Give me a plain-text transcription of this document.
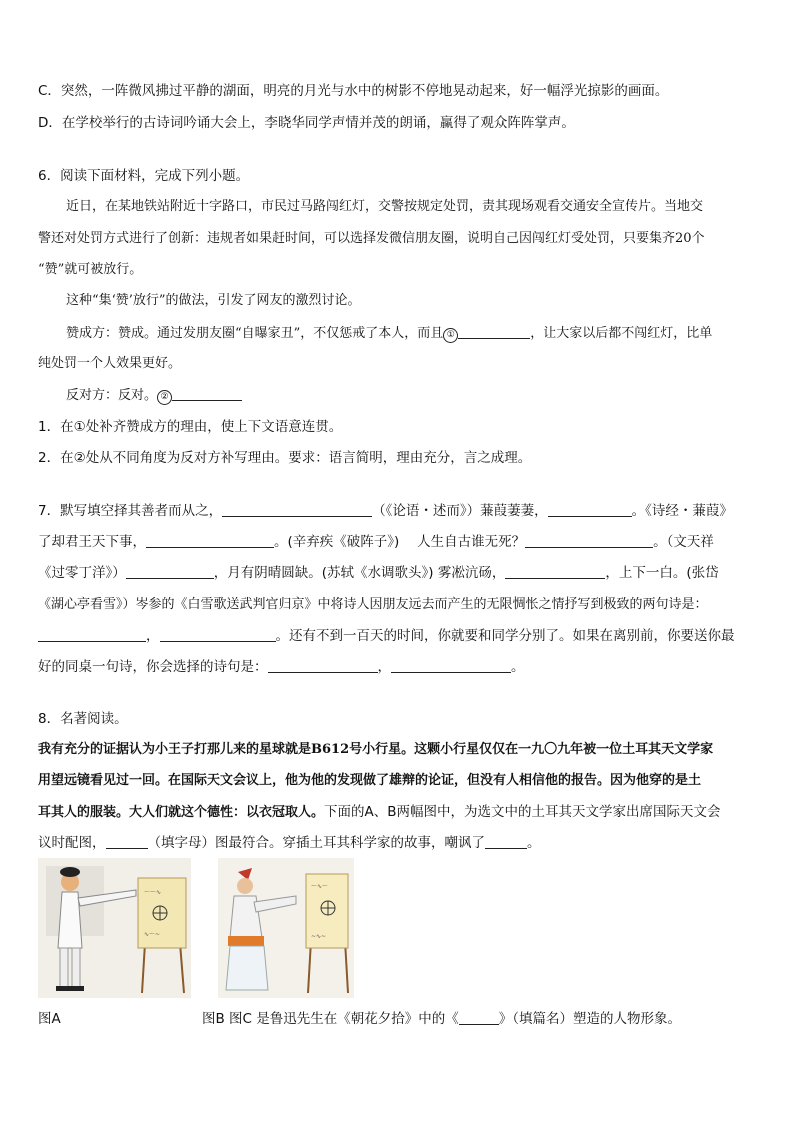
C．突然，一阵微风拂过平静的湖面，明亮的月光与水中的树影不停地晃动起来，好一幅浮光掠影的画面。
D．在学校举行的古诗词吟诵大会上，李晓华同学声情并茂的朗诵，赢得了观众阵阵掌声。
6．阅读下面材料，完成下列小题。
近日，在某地铁站附近十字路口，市民过马路闯红灯，交警按规定处罚，责其现场观看交通安全宣传片。当地交
警还对处罚方式进行了创新：违规者如果赶时间，可以选择发微信朋友圈，说明自己因闯红灯受处罚，只要集齐20个
“赞”就可被放行。
这种“集‘赞’放行”的做法，引发了网友的激烈讨论。
赞成方：赞成。通过发朋友圈“自曝家丑”，不仅惩戒了本人，而且 ①	，让大家以后都不闯红灯，比单
纯处罚一个人效果更好。
反对方：反对。 ②
1．在①处补齐赞成方的理由，使上下文语意连贯。
2．在②处从不同角度为反对方补写理由。要求：语言简明，理由充分，言之成理。
7．默写填空择其善者而从之，	（《论语・述而》）蒹葭萋萋，	。《诗经・蒹葭》
了却君王天下事，	。(辛弃疾《破阵子》)　 人生自古谁无死？	。（文天祥
《过零丁洋》）	，月有阴晴圆缺。(苏轼《水调歌头》) 雾凇沆砀，	，上下一白。(张岱
《湖心亭看雪》）岑参的《白雪歌送武判官归京》中将诗人因朋友远去而产生的无限惆怅之情抒写到极致的两句诗是：
，	。还有不到一百天的时间，你就要和同学分别了。如果在离别前，你要送你最
好的同桌一句诗，你会选择的诗句是：	，	。
8．名著阅读。
我有充分的证据认为小王子打那儿来的星球就是B612号小行星。这颗小行星仅仅在一九〇九年被一位土耳其天文学家
用望远镜看见过一回。在国际天文会议上，他为他的发现做了雄辩的论证，但没有人相信他的报告。因为他穿的是土
耳其人的服装。大人们就这个德性：以衣冠取人。下面的A、B两幅图中，为选文中的土耳其天文学家出席国际天文会
议时配图，	（填字母）图最符合。穿插土耳其科学家的故事，嘲讽了	。
〜〜∿
∿〜~
〜∿〜
~∿~
图A	图B 图C 是鲁迅先生在《朝花夕拾》中的《	》（填篇名）塑造的人物形象。
